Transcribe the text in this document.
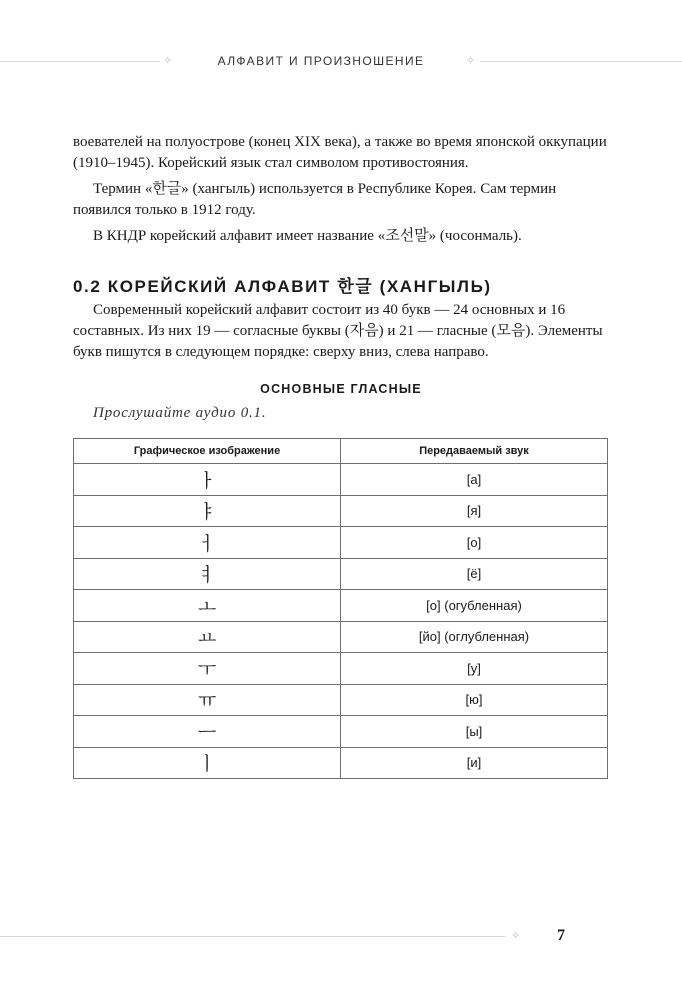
✧	АЛФАВИТ И ПРОИЗНОШЕНИЕ	✧

воевателей на полуострове (конец XIX века), а также во время японской оккупации (1910–1945). Корейский язык стал символом противостояния.

Термин «한글» (хангыль) используется в Республике Корея. Сам термин появился только в 1912 году.

В КНДР корейский алфавит имеет название «조선말» (чосонмаль).

0.2 КОРЕЙСКИЙ АЛФАВИТ 한글 (ХАНГЫЛЬ)

Современный корейский алфавит состоит из 40 букв — 24 основных и 16 составных. Из них 19 — согласные буквы (자음) и 21 — гласные (모음). Элементы букв пишутся в следующем порядке: сверху вниз, слева направо.

ОСНОВНЫЕ ГЛАСНЫЕ

Прослушайте аудио 0.1.

Графическое изображение	Передаваемый звук
ㅏ	[а]
ㅑ	[я]
ㅓ	[о]
ㅕ	[ё]
ㅗ	[о] (огубленная)
ㅛ	[йо] (оглубленная)
ㅜ	[у]
ㅠ	[ю]
ㅡ	[ы]
ㅣ	[и]
✧ 7
